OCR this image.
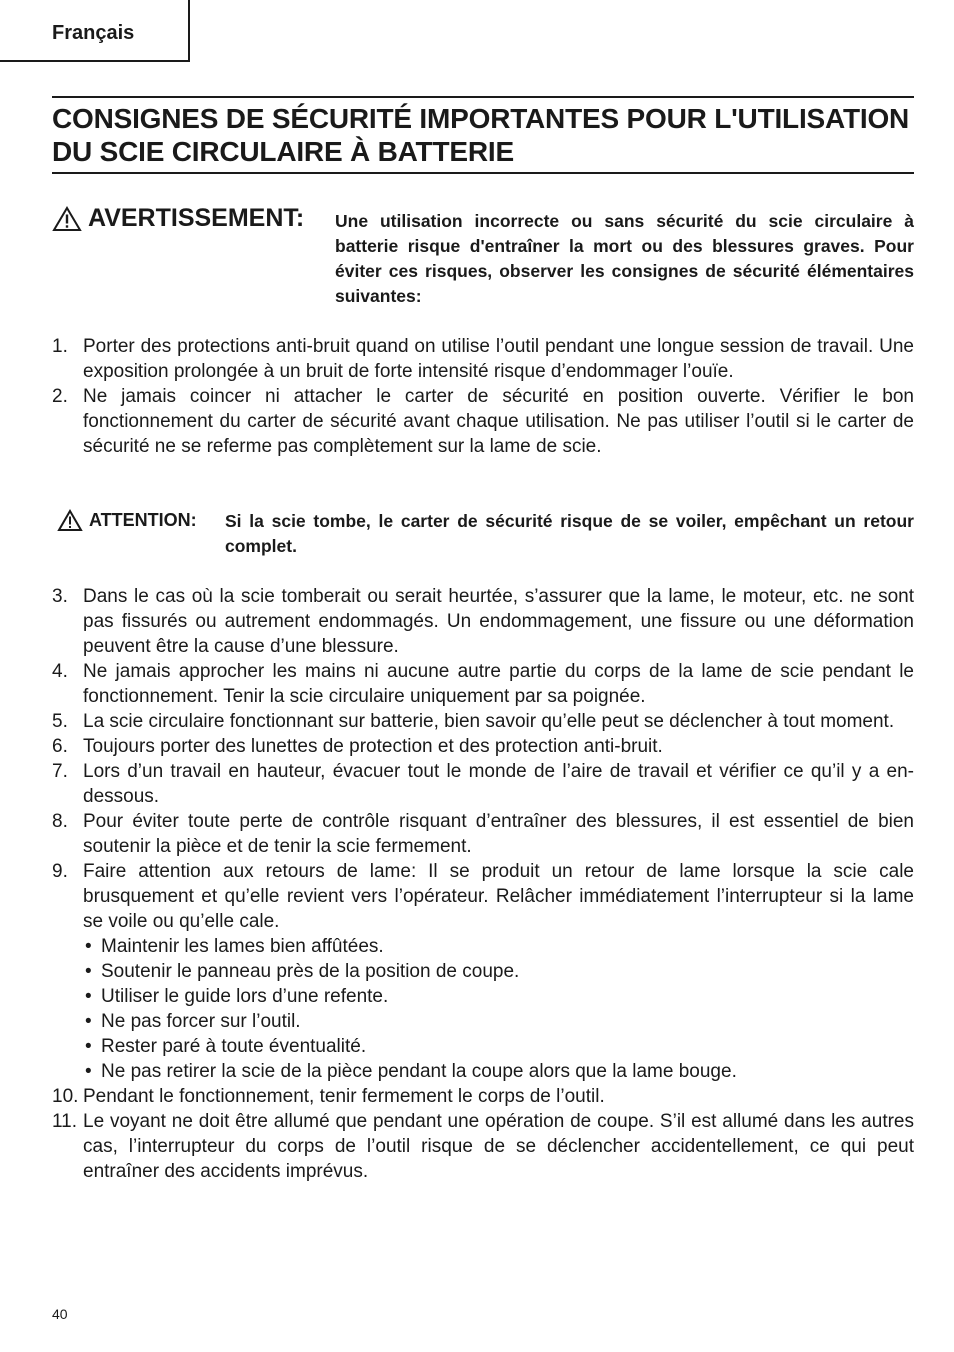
Français
CONSIGNES DE SÉCURITÉ IMPORTANTES POUR L'UTILISATION
DU SCIE CIRCULAIRE À BATTERIE
AVERTISSEMENT: Une utilisation incorrecte ou sans sécurité du scie circulaire à batterie risque d'entraîner la mort ou des blessures graves. Pour éviter ces risques, observer les consignes de sécurité élémentaires suivantes:
1. Porter des protections anti-bruit quand on utilise l’outil pendant une longue session de travail. Une exposition prolongée à un bruit de forte intensité risque d’endommager l’ouïe.
2. Ne jamais coincer ni attacher le carter de sécurité en position ouverte. Vérifier le bon fonctionnement du carter de sécurité avant chaque utilisation. Ne pas utiliser l’outil si le carter de sécurité ne se referme pas complètement sur la lame de scie.
ATTENTION: Si la scie tombe, le carter de sécurité risque de se voiler, empêchant un retour complet.
3. Dans le cas où la scie tomberait ou serait heurtée, s’assurer que la lame, le moteur, etc. ne sont pas fissurés ou autrement endommagés. Un endommagement, une fissure ou une déformation peuvent être la cause d’une blessure.
4. Ne jamais approcher les mains ni aucune autre partie du corps de la lame de scie pendant le fonctionnement. Tenir la scie circulaire uniquement par sa poignée.
5. La scie circulaire fonctionnant sur batterie, bien savoir qu’elle peut se déclencher à tout moment.
6. Toujours porter des lunettes de protection et des protection anti-bruit.
7. Lors d’un travail en hauteur, évacuer tout le monde de l’aire de travail et vérifier ce qu’il y a en-dessous.
8. Pour éviter toute perte de contrôle risquant d’entraîner des blessures, il est essentiel de bien soutenir la pièce et de tenir la scie fermement.
9. Faire attention aux retours de lame: Il se produit un retour de lame lorsque la scie cale brusquement et qu’elle revient vers l’opérateur. Relâcher immédiatement l’interrupteur si la lame se voile ou qu’elle cale.
• Maintenir les lames bien affûtées.
• Soutenir le panneau près de la position de coupe.
• Utiliser le guide lors d’une refente.
• Ne pas forcer sur l’outil.
• Rester paré à toute éventualité.
• Ne pas retirer la scie de la pièce pendant la coupe alors que la lame bouge.
10. Pendant le fonctionnement, tenir fermement le corps de l’outil.
11. Le voyant ne doit être allumé que pendant une opération de coupe. S’il est allumé dans les autres cas, l’interrupteur du corps de l’outil risque de se déclencher accidentellement, ce qui peut entraîner des accidents imprévus.
40
